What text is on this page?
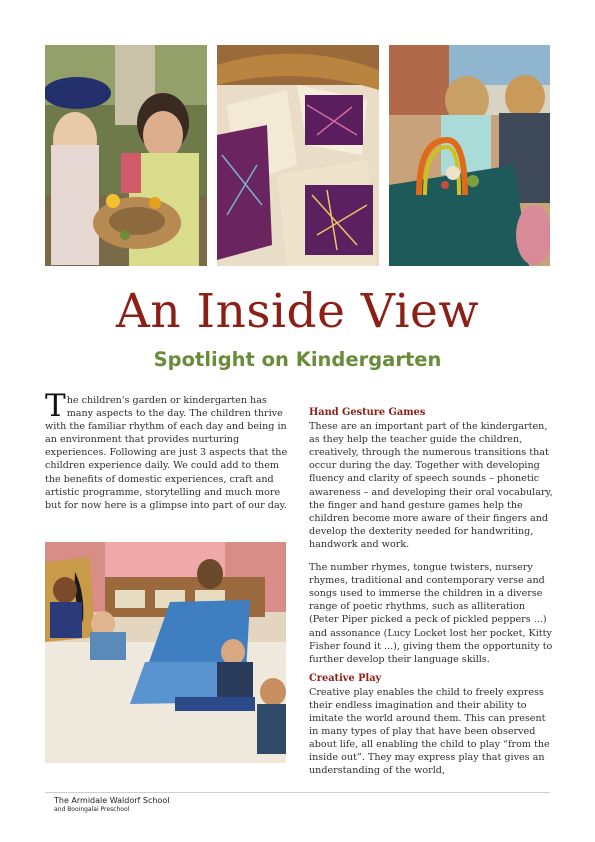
An Inside View
Spotlight on Kindergarten

The children's garden or kindergarten has many aspects to the day. The children thrive with the familiar rhythm of each day and being in an environment that provides nurturing experiences. Following are just 3 aspects that the children experience daily. We could add to them the benefits of domestic experiences, craft and artistic programme, storytelling and much more but for now here is a glimpse into part of our day.

Hand Gesture Games

These are an important part of the kindergarten, as they help the teacher guide the children, creatively, through the numerous transitions that occur during the day. Together with developing fluency and clarity of speech sounds – phonetic awareness – and developing their oral vocabulary, the finger and hand gesture games help the children become more aware of their fingers and develop the dexterity needed for handwriting, handwork and work.

The number rhymes, tongue twisters, nursery rhymes, traditional and contemporary verse and songs used to immerse the children in a diverse range of poetic rhythms, such as alliteration (Peter Piper picked a peck of pickled peppers ...) and assonance (Lucy Locket lost her pocket, Kitty Fisher found it ...), giving them the opportunity to further develop their language skills.

Creative Play

Creative play enables the child to freely express their endless imagination and their ability to imitate the world around them. This can present in many types of play that have been observed about life, all enabling the child to play “from the inside out”. They may express play that gives an understanding of the world,

The Armidale Waldorf School
and Booingalai Preschool
